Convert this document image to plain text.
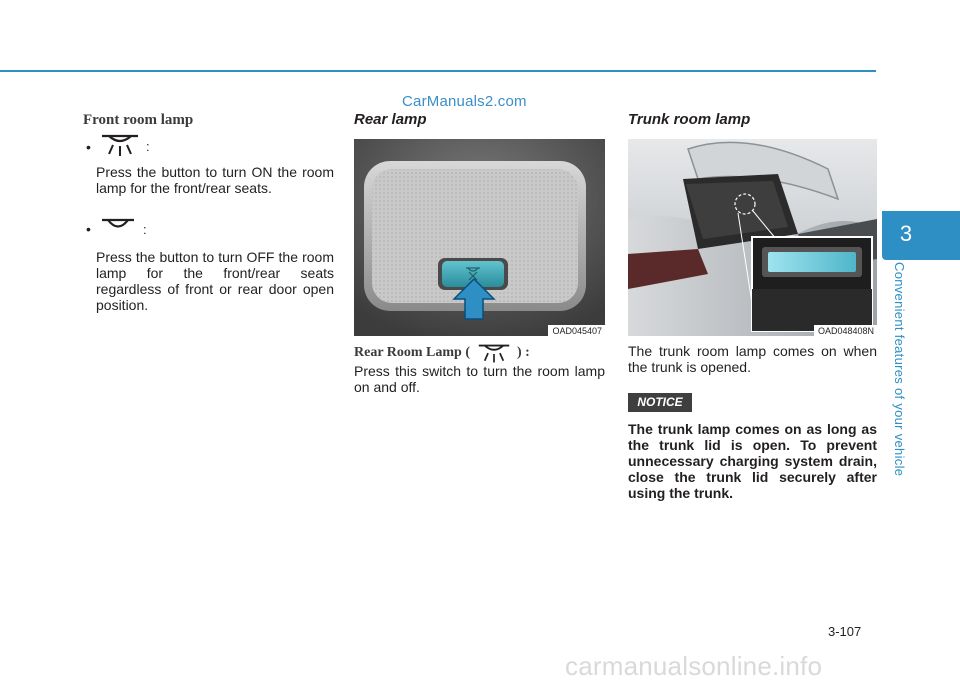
CarManuals2.com
Front room lamp
•	:
Press the button to turn ON the room lamp for the front/rear seats.
•	:
Press the button to turn OFF the room lamp for the front/rear seats regardless of front or rear door open position.
Rear lamp
OAD045407
Rear Room Lamp (	) :
Press this switch to turn the room lamp on and off.
Trunk room lamp
OAD048408N
The trunk room lamp comes on when the trunk is opened.
NOTICE
The trunk lamp comes on as long as the trunk lid is open. To prevent unnecessary charging system drain, close the trunk lid securely after using the trunk.
3
Convenient features of your vehicle
3-107
carmanualsonline.info
